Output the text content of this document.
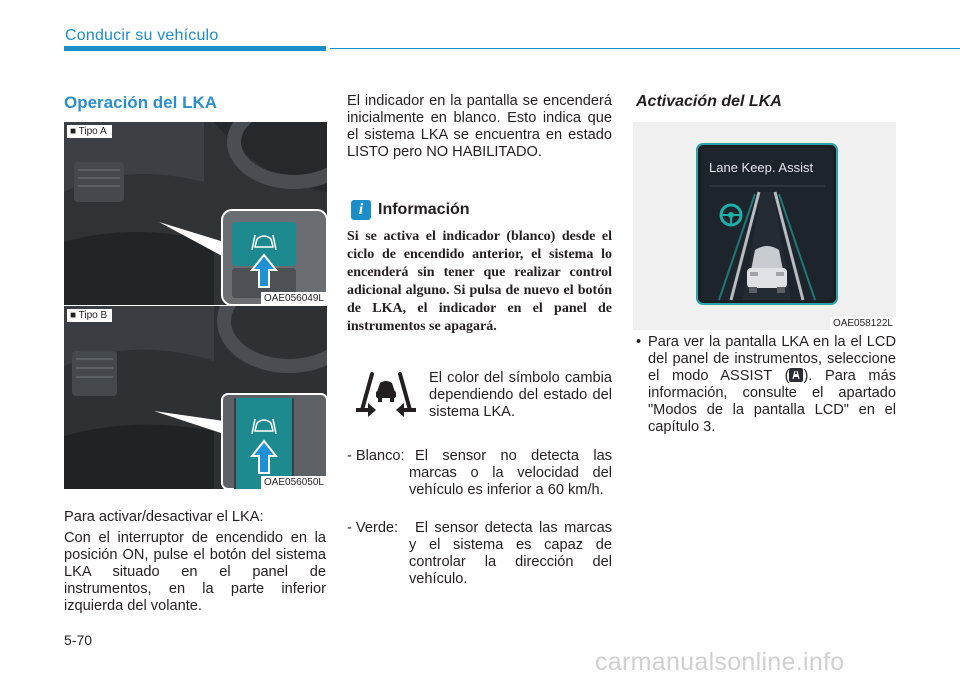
Conducir su vehículo
Operación del LKA
■ Tipo A
OAE056049L
■ Tipo B
OAE056050L
Para activar/desactivar el LKA:
Con el interruptor de encendido en la posición ON, pulse el botón del sistema LKA situado en el panel de instrumentos, en la parte inferior izquierda del volante.
El indicador en la pantalla se encenderá inicialmente en blanco. Esto indica que el sistema LKA se encuentra en estado LISTO pero NO HABILITADO.
i Información
Si se activa el indicador (blanco) desde el ciclo de encendido anterior, el sistema lo encenderá sin tener que realizar control adicional alguno. Si pulsa de nuevo el botón de LKA, el indicador en el panel de instrumentos se apagará.
El color del símbolo cambia dependiendo del estado del sistema LKA.
- Blanco: El sensor no detecta las marcas o la velocidad del vehículo es inferior a 60 km/h.
- Verde:	El sensor detecta las marcas y el sistema es capaz de controlar la dirección del vehículo.
Activación del LKA
Lane Keep. Assist
OAE058122L
• Para ver la pantalla LKA en la el LCD del panel de instrumentos, seleccione el modo ASSIST ( ). Para más información, consulte el apartado "Modos de la pantalla LCD" en el capítulo 3.
5-70
carmanualsonline.info
